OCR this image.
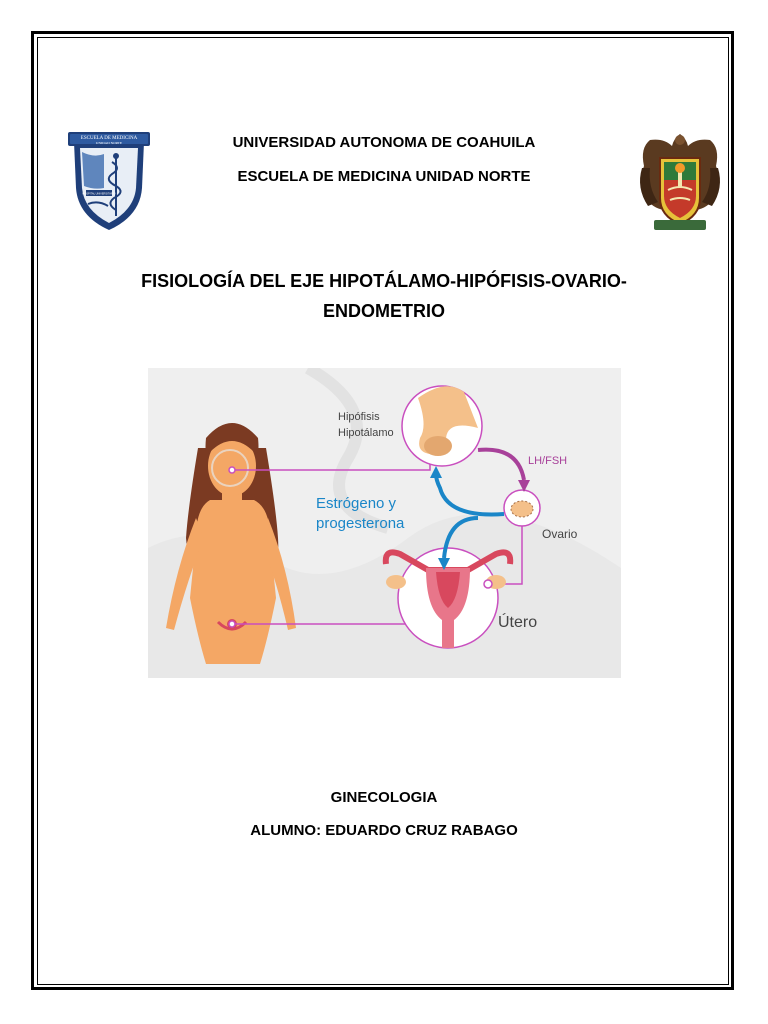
ESCUELA DE MEDICINA
UNIDAD NORTE
HOSPITAL UNIVERSITARIO
UNIVERSIDAD AUTONOMA DE COAHUILA
ESCUELA DE MEDICINA UNIDAD NORTE
FISIOLOGÍA DEL EJE HIPOTÁLAMO-HIPÓFISIS-OVARIO-
ENDOMETRIO
Hipófisis
Hipotálamo
LH/FSH
Estrógeno y
progesterona
Ovario
Útero
GINECOLOGIA
ALUMNO: EDUARDO CRUZ RABAGO
